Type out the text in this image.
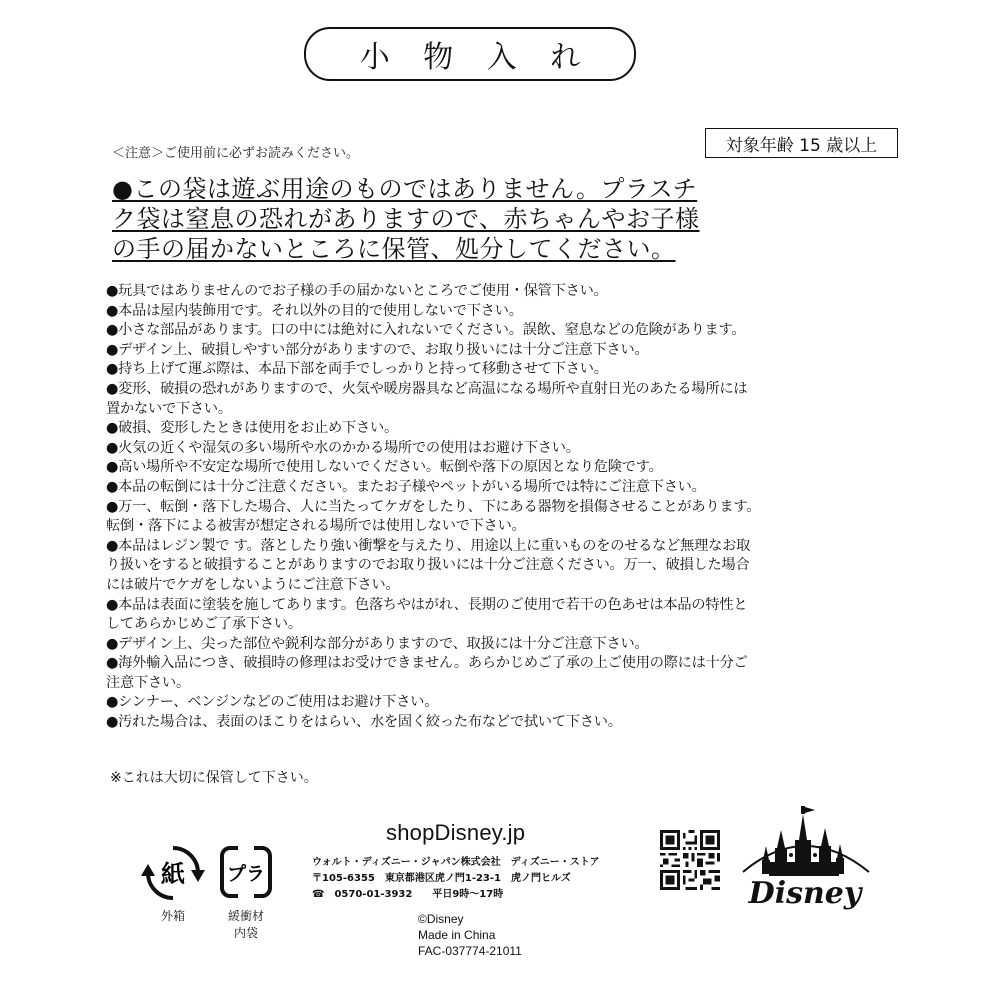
小 物 入 れ
＜注意＞ご使用前に必ずお読みください。	対象年齢 15 歳以上
●この袋は遊ぶ用途のものではありません。プラスチ
ク袋は窒息の恐れがありますので、赤ちゃんやお子様
の手の届かないところに保管、処分してください。
●玩具ではありませんのでお子様の手の届かないところでご使用・保管下さい。
●本品は屋内装飾用です。それ以外の目的で使用しないで下さい。
●小さな部品があります。口の中には絶対に入れないでください。誤飲、窒息などの危険があります。
●デザイン上、破損しやすい部分がありますので、お取り扱いには十分ご注意下さい。
●持ち上げて運ぶ際は、本品下部を両手でしっかりと持って移動させて下さい。
●変形、破損の恐れがありますので、火気や暖房器具など高温になる場所や直射日光のあたる場所には
置かないで下さい。
●破損、変形したときは使用をお止め下さい。
●火気の近くや湿気の多い場所や水のかかる場所での使用はお避け下さい。
●高い場所や不安定な場所で使用しないでください。転倒や落下の原因となり危険です。
●本品の転倒には十分ご注意ください。またお子様やペットがいる場所では特にご注意下さい。
●万一、転倒・落下した場合、人に当たってケガをしたり、下にある器物を損傷させることがあります。
転倒・落下による被害が想定される場所では使用しないで下さい。
●本品はレジン製で す。落としたり強い衝撃を与えたり、用途以上に重いものをのせるなど無理なお取
り扱いをすると破損することがありますのでお取り扱いには十分ご注意ください。万一、破損した場合
には破片でケガをしないようにご注意下さい。
●本品は表面に塗装を施してあります。色落ちやはがれ、長期のご使用で若干の色あせは本品の特性と
してあらかじめご了承下さい。
●デザイン上、尖った部位や鋭利な部分がありますので、取扱には十分ご注意下さい。
●海外輸入品につき、破損時の修理はお受けできません。あらかじめご了承の上ご使用の際には十分ご
注意下さい。
●シンナー、ベンジンなどのご使用はお避け下さい。
●汚れた場合は、表面のほこりをはらい、水を固く絞った布などで拭いて下さい。
※これは大切に保管して下さい。
紙
外箱
プラ
緩衝材
内袋
shopDisney.jp
ウォルト・ディズニー・ジャパン株式会社　ディズニー・ストア
〒105-6355　東京都港区虎ノ門1-23-1　虎ノ門ヒルズ
☎　0570-01-3932　　平日9時～17時
©Disney
Made in China
FAC-037774-21011
Disney
